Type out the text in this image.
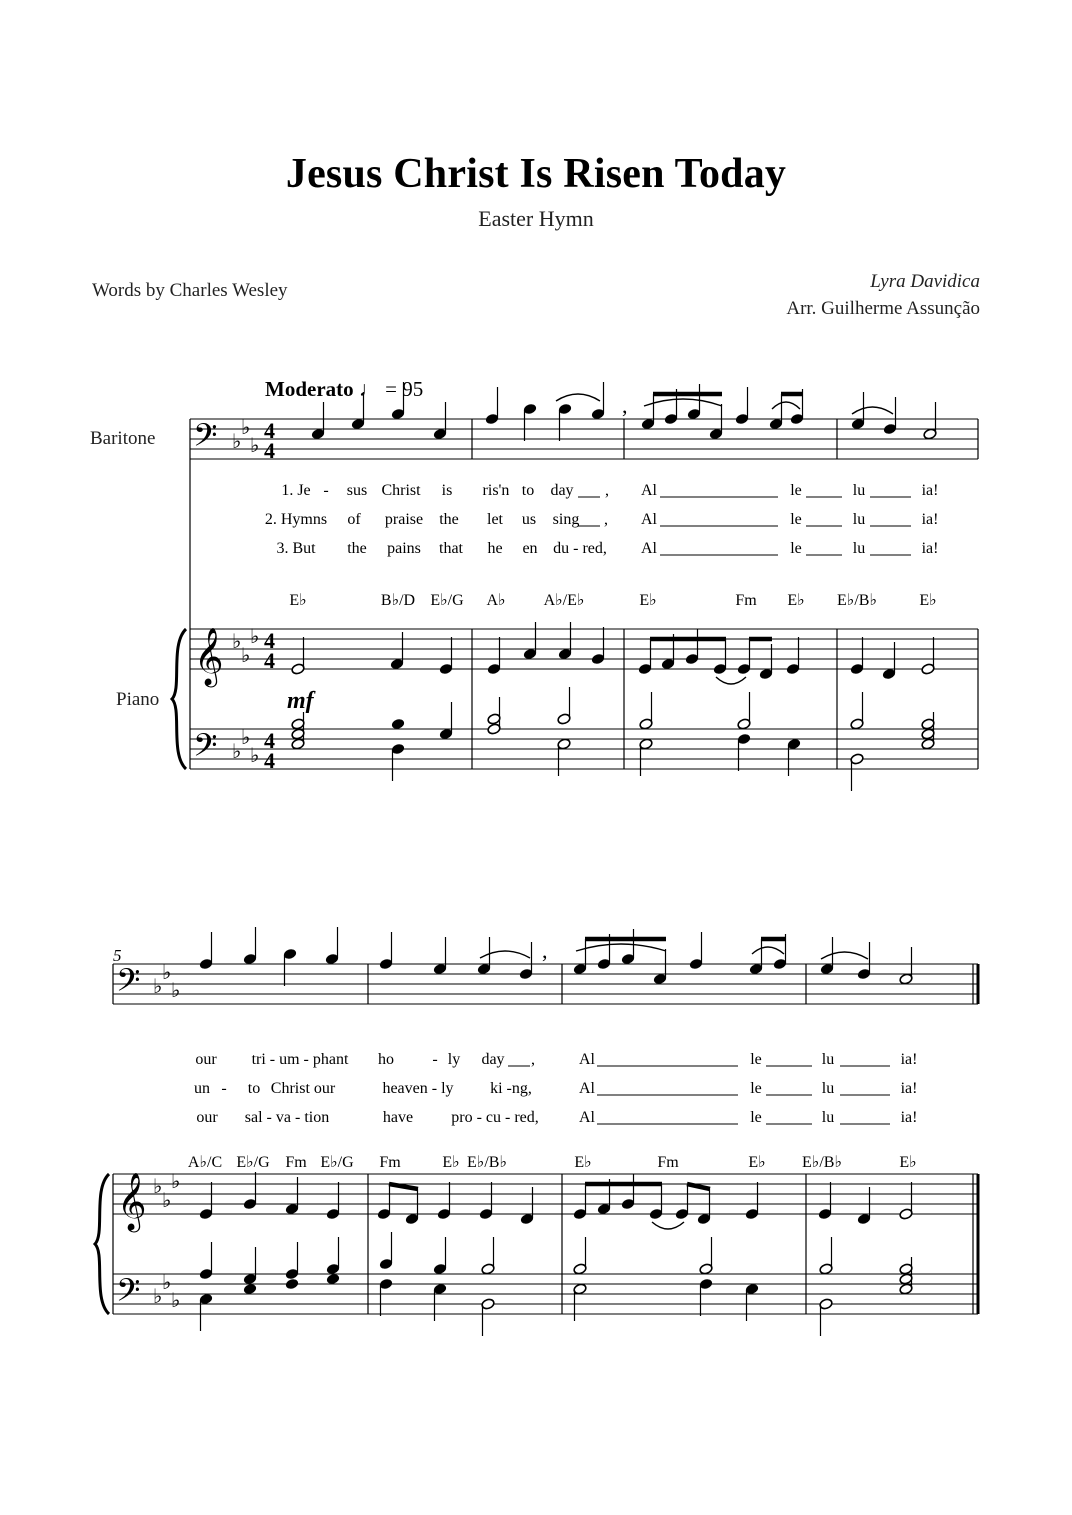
Jesus Christ Is Risen Today
Easter Hymn
Words by Charles Wesley	Lyra Davidica
Arr. Guilherme Assunção
Moderato ♩ = 95
Baritone
Piano
5
𝄢
𝄞
𝄢
♭
♭
♭
♭
♭
♭
♭
♭
♭
4
4
4
4
4
4
,
𝄢
𝄞
𝄢
♭
♭
♭
♭
♭
♭
♭
♭
♭
,
mf
E♭	B♭/D E♭/G A♭ A♭/E♭	E♭	Fm E♭ E♭/B♭	E♭
1. Je - sus Christ is ris'n to day , Al	le	lu	ia!
2. Hymns of praise the let us sing , Al	le	lu	ia!
3. But the pains that he en du - red, Al	le	lu	ia!
A♭/C E♭/G Fm E♭/G Fm	E♭ E♭/B♭	E♭	Fm	E♭ E♭/B♭	E♭
our tri - um - phant ho - ly day ,	Al	le	lu	ia!
un - to Christ our	heaven - ly ki -ng,	Al	le	lu	ia!
our sal - va - tion	have pro - cu - red,	Al	le	lu	ia!
